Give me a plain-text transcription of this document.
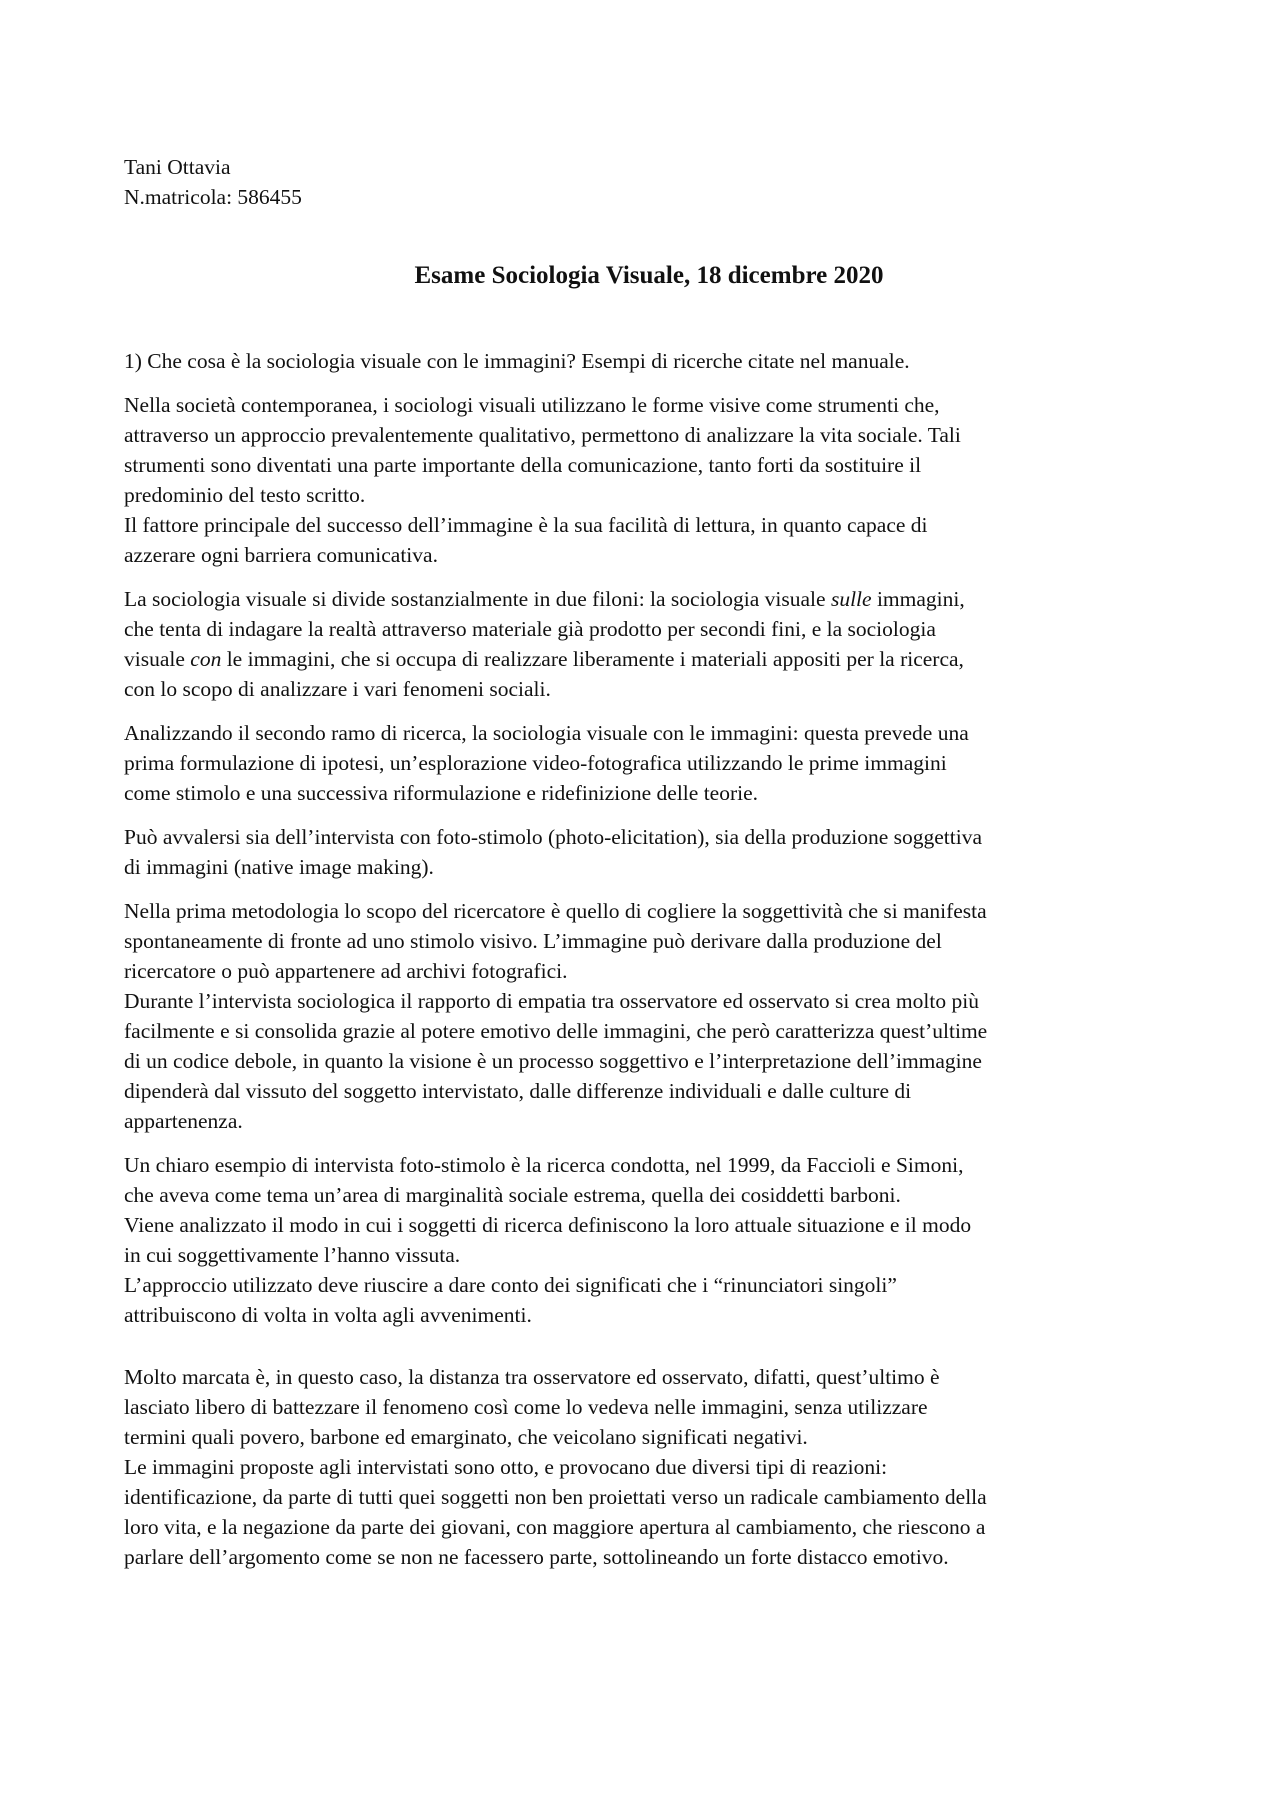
Tani Ottavia

N.matricola: 586455

Esame Sociologia Visuale, 18 dicembre 2020

1) Che cosa è la sociologia visuale con le immagini? Esempi di ricerche citate nel manuale.

Nella società contemporanea, i sociologi visuali utilizzano le forme visive come strumenti che,
attraverso un approccio prevalentemente qualitativo, permettono di analizzare la vita sociale. Tali
strumenti sono diventati una parte importante della comunicazione, tanto forti da sostituire il
predominio del testo scritto.
Il fattore principale del successo dell’immagine è la sua facilità di lettura, in quanto capace di
azzerare ogni barriera comunicativa.

La sociologia visuale si divide sostanzialmente in due filoni: la sociologia visuale sulle immagini,
che tenta di indagare la realtà attraverso materiale già prodotto per secondi fini, e la sociologia
visuale con le immagini, che si occupa di realizzare liberamente i materiali appositi per la ricerca,
con lo scopo di analizzare i vari fenomeni sociali.

Analizzando il secondo ramo di ricerca, la sociologia visuale con le immagini: questa prevede una
prima formulazione di ipotesi, un’esplorazione video-fotografica utilizzando le prime immagini
come stimolo e una successiva riformulazione e ridefinizione delle teorie.

Può avvalersi sia dell’intervista con foto-stimolo (photo-elicitation), sia della produzione soggettiva
di immagini (native image making).

Nella prima metodologia lo scopo del ricercatore è quello di cogliere la soggettività che si manifesta
spontaneamente di fronte ad uno stimolo visivo. L’immagine può derivare dalla produzione del
ricercatore o può appartenere ad archivi fotografici.
Durante l’intervista sociologica il rapporto di empatia tra osservatore ed osservato si crea molto più
facilmente e si consolida grazie al potere emotivo delle immagini, che però caratterizza quest’ultime
di un codice debole, in quanto la visione è un processo soggettivo e l’interpretazione dell’immagine
dipenderà dal vissuto del soggetto intervistato, dalle differenze individuali e dalle culture di
appartenenza.

Un chiaro esempio di intervista foto-stimolo è la ricerca condotta, nel 1999, da Faccioli e Simoni,
che aveva come tema un’area di marginalità sociale estrema, quella dei cosiddetti barboni.
Viene analizzato il modo in cui i soggetti di ricerca definiscono la loro attuale situazione e il modo
in cui soggettivamente l’hanno vissuta.
L’approccio utilizzato deve riuscire a dare conto dei significati che i “rinunciatori singoli”
attribuiscono di volta in volta agli avvenimenti.

Molto marcata è, in questo caso, la distanza tra osservatore ed osservato, difatti, quest’ultimo è
lasciato libero di battezzare il fenomeno così come lo vedeva nelle immagini, senza utilizzare
termini quali povero, barbone ed emarginato, che veicolano significati negativi.
Le immagini proposte agli intervistati sono otto, e provocano due diversi tipi di reazioni:
identificazione, da parte di tutti quei soggetti non ben proiettati verso un radicale cambiamento della
loro vita, e la negazione da parte dei giovani, con maggiore apertura al cambiamento, che riescono a
parlare dell’argomento come se non ne facessero parte, sottolineando un forte distacco emotivo.
